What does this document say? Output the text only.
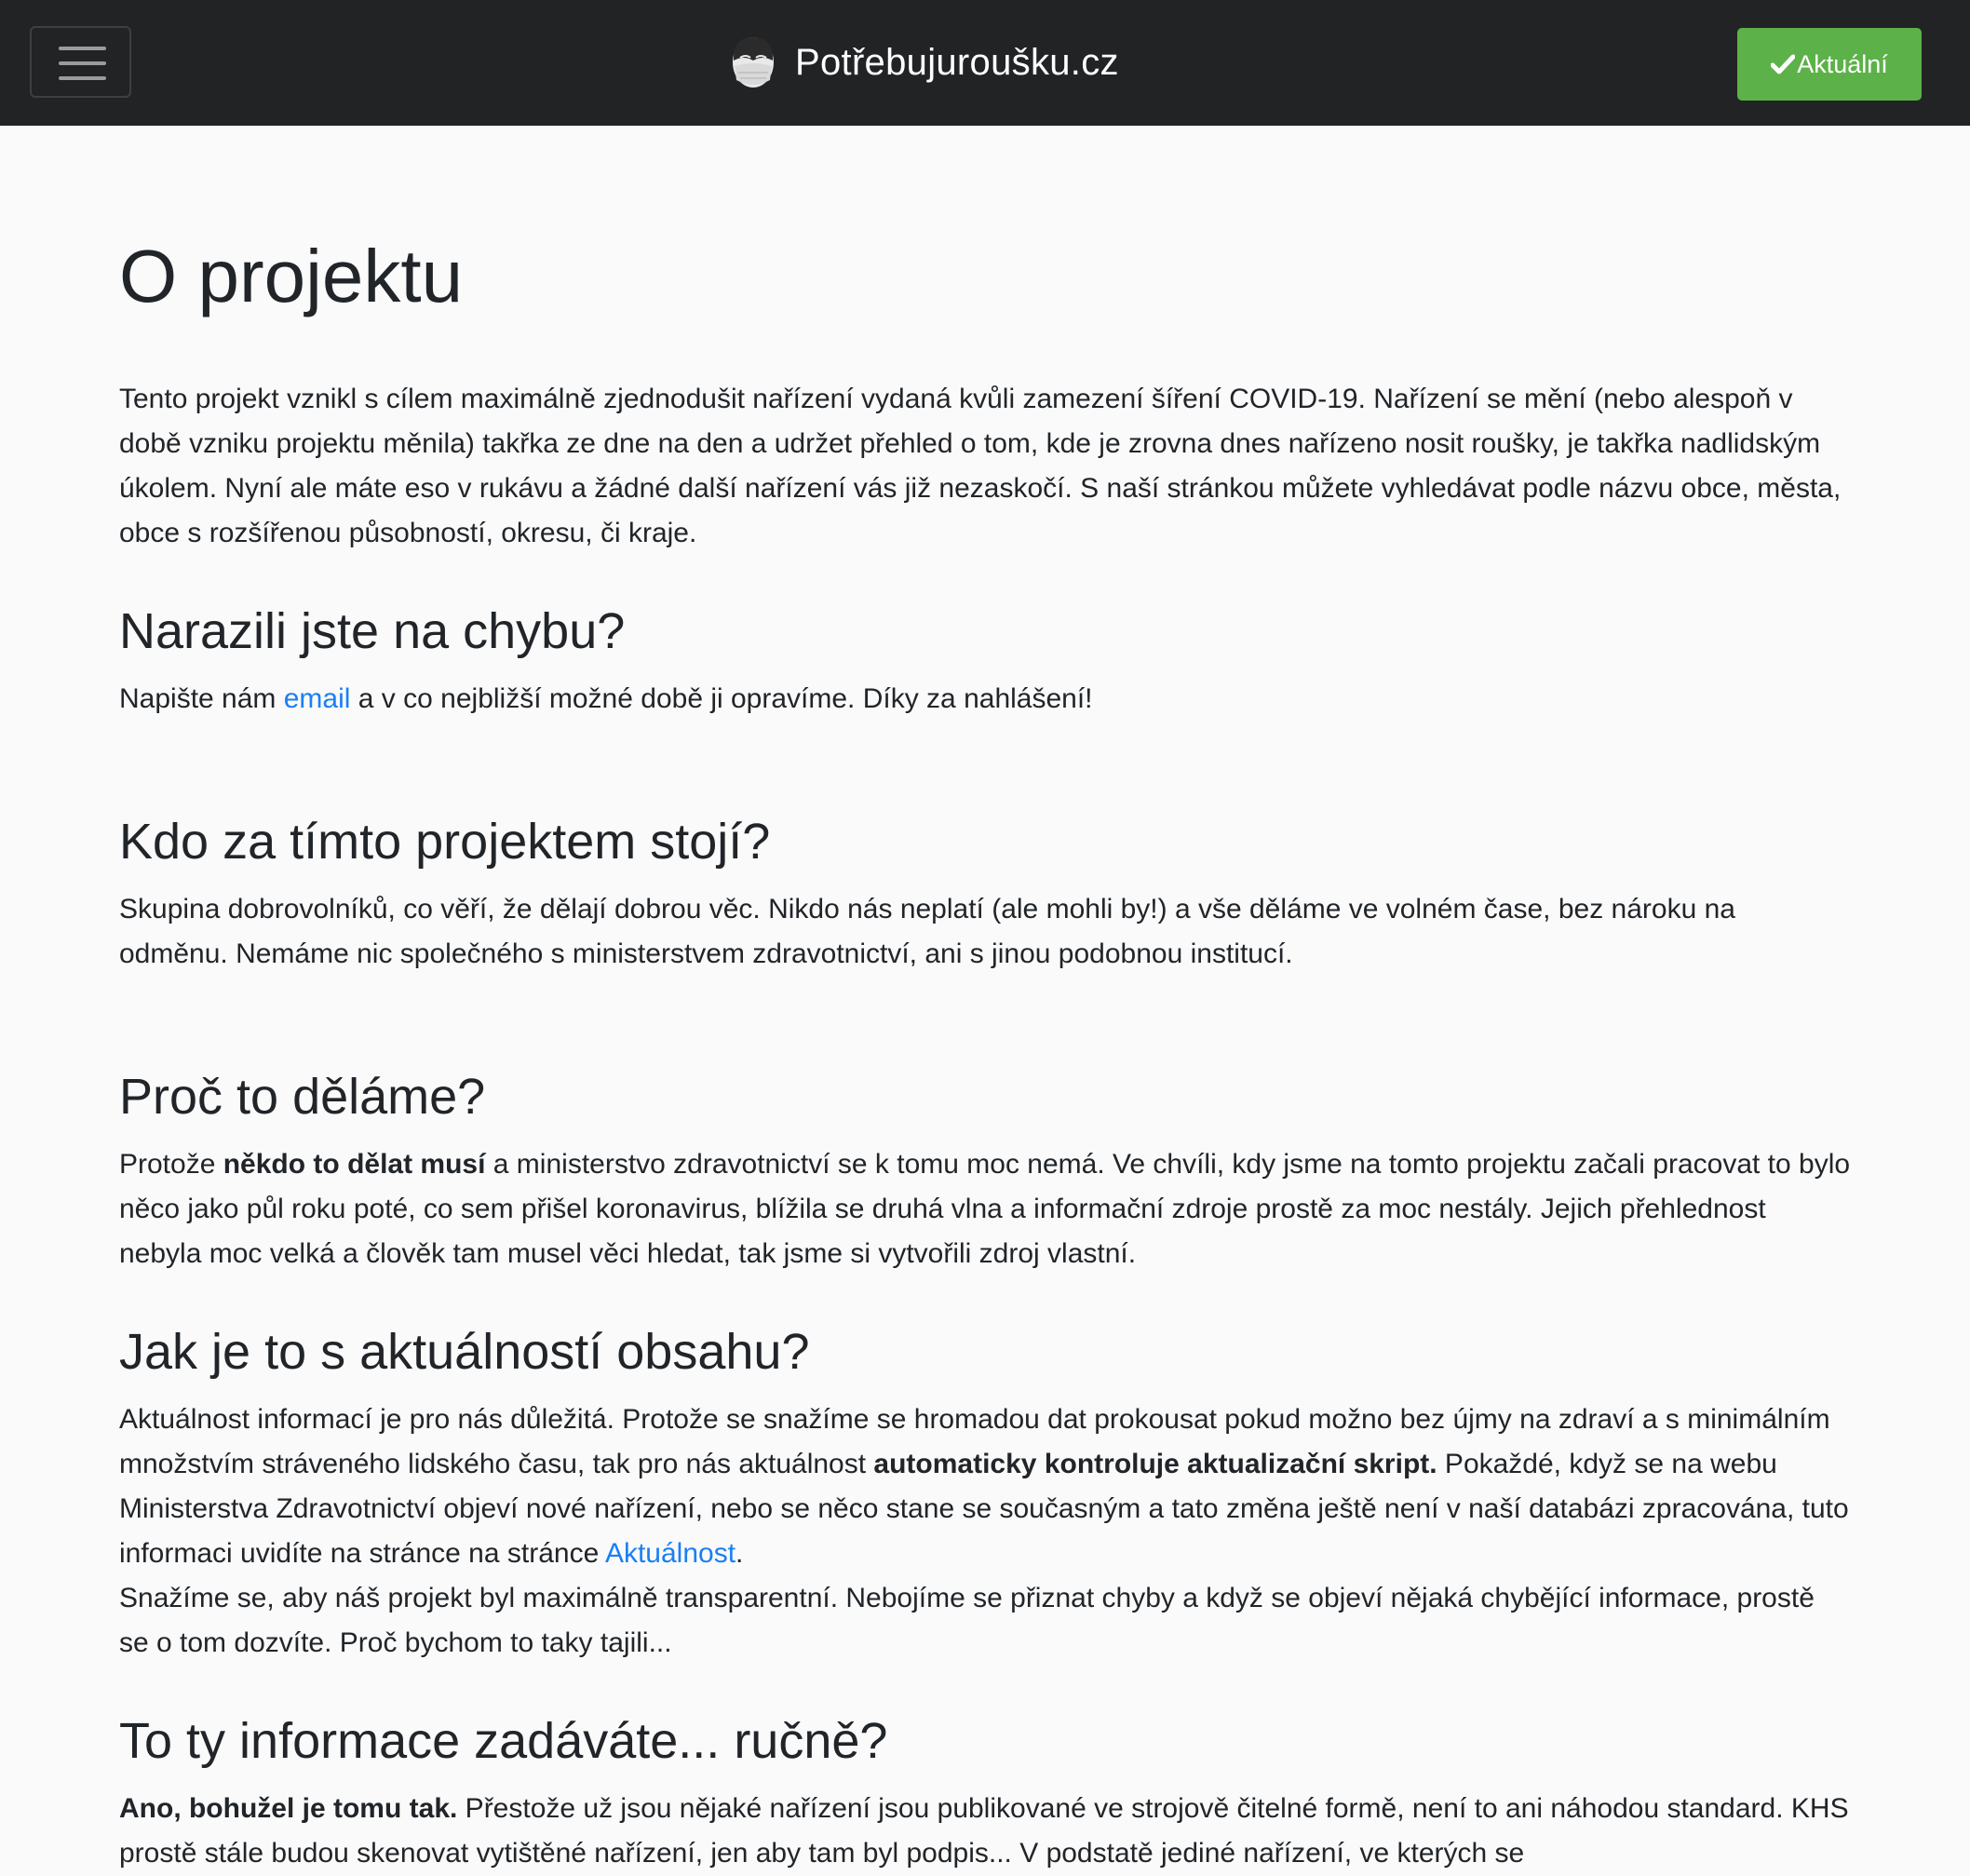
Potřebujuroušku.cz	Aktuální
O projektu

Tento projekt vznikl s cílem maximálně zjednodušit nařízení vydaná kvůli zamezení šíření COVID-19. Nařízení se mění (nebo alespoň v době vzniku projektu měnila) takřka ze dne na den a udržet přehled o tom, kde je zrovna dnes nařízeno nosit roušky, je takřka nadlidským úkolem. Nyní ale máte eso v rukávu a žádné další nařízení vás již nezaskočí. S naší stránkou můžete vyhledávat podle názvu obce, města, obce s rozšířenou působností, okresu, či kraje.

Narazili jste na chybu?

Napište nám email a v co nejbližší možné době ji opravíme. Díky za nahlášení!

Kdo za tímto projektem stojí?

Skupina dobrovolníků, co věří, že dělají dobrou věc. Nikdo nás neplatí (ale mohli by!) a vše děláme ve volném čase, bez nároku na odměnu. Nemáme nic společného s ministerstvem zdravotnictví, ani s jinou podobnou institucí.

Proč to děláme?

Protože někdo to dělat musí a ministerstvo zdravotnictví se k tomu moc nemá. Ve chvíli, kdy jsme na tomto projektu začali pracovat to bylo něco jako půl roku poté, co sem přišel koronavirus, blížila se druhá vlna a informační zdroje prostě za moc nestály. Jejich přehlednost nebyla moc velká a člověk tam musel věci hledat, tak jsme si vytvořili zdroj vlastní.

Jak je to s aktuálností obsahu?

Aktuálnost informací je pro nás důležitá. Protože se snažíme se hromadou dat prokousat pokud možno bez újmy na zdraví a s minimálním množstvím stráveného lidského času, tak pro nás aktuálnost automaticky kontroluje aktualizační skript. Pokaždé, když se na webu Ministerstva Zdravotnictví objeví nové nařízení, nebo se něco stane se současným a tato změna ještě není v naší databázi zpracována, tuto informaci uvidíte na stránce na stránce Aktuálnost.
Snažíme se, aby náš projekt byl maximálně transparentní. Nebojíme se přiznat chyby a když se objeví nějaká chybějící informace, prostě se o tom dozvíte. Proč bychom to taky tajili...

To ty informace zadáváte... ručně?

Ano, bohužel je tomu tak. Přestože už jsou nějaké nařízení jsou publikované ve strojově čitelné formě, není to ani náhodou standard. KHS prostě stále budou skenovat vytištěné nařízení, jen aby tam byl podpis... V podstatě jediné nařízení, ve kterých se
